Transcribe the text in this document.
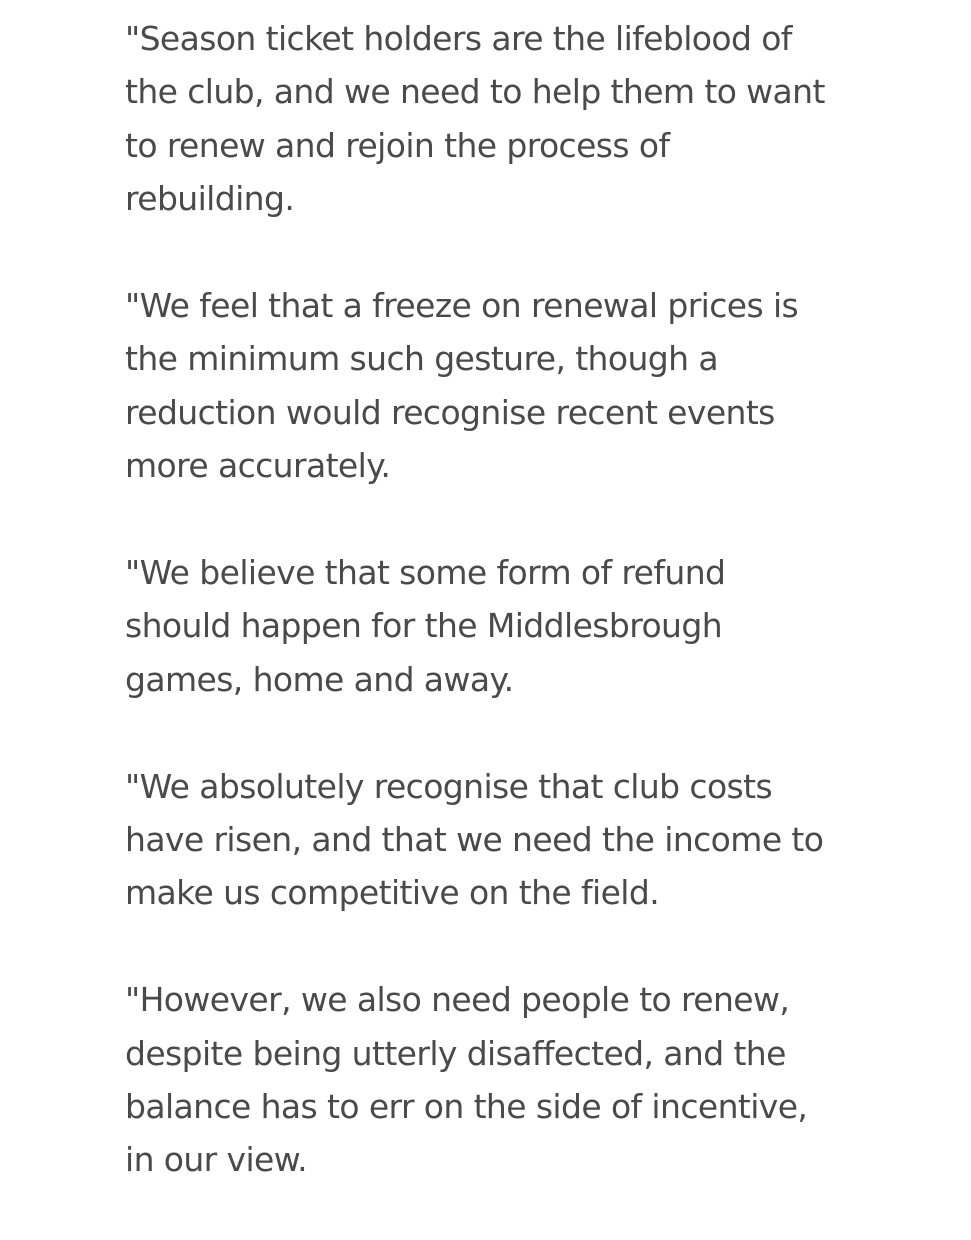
"Season ticket holders are the lifeblood of
the club, and we need to help them to want
to renew and rejoin the process of
rebuilding.

"We feel that a freeze on renewal prices is
the minimum such gesture, though a
reduction would recognise recent events
more accurately.

"We believe that some form of refund
should happen for the Middlesbrough
games, home and away.

"We absolutely recognise that club costs
have risen, and that we need the income to
make us competitive on the field.

"However, we also need people to renew,
despite being utterly disaffected, and the
balance has to err on the side of incentive,
in our view.
